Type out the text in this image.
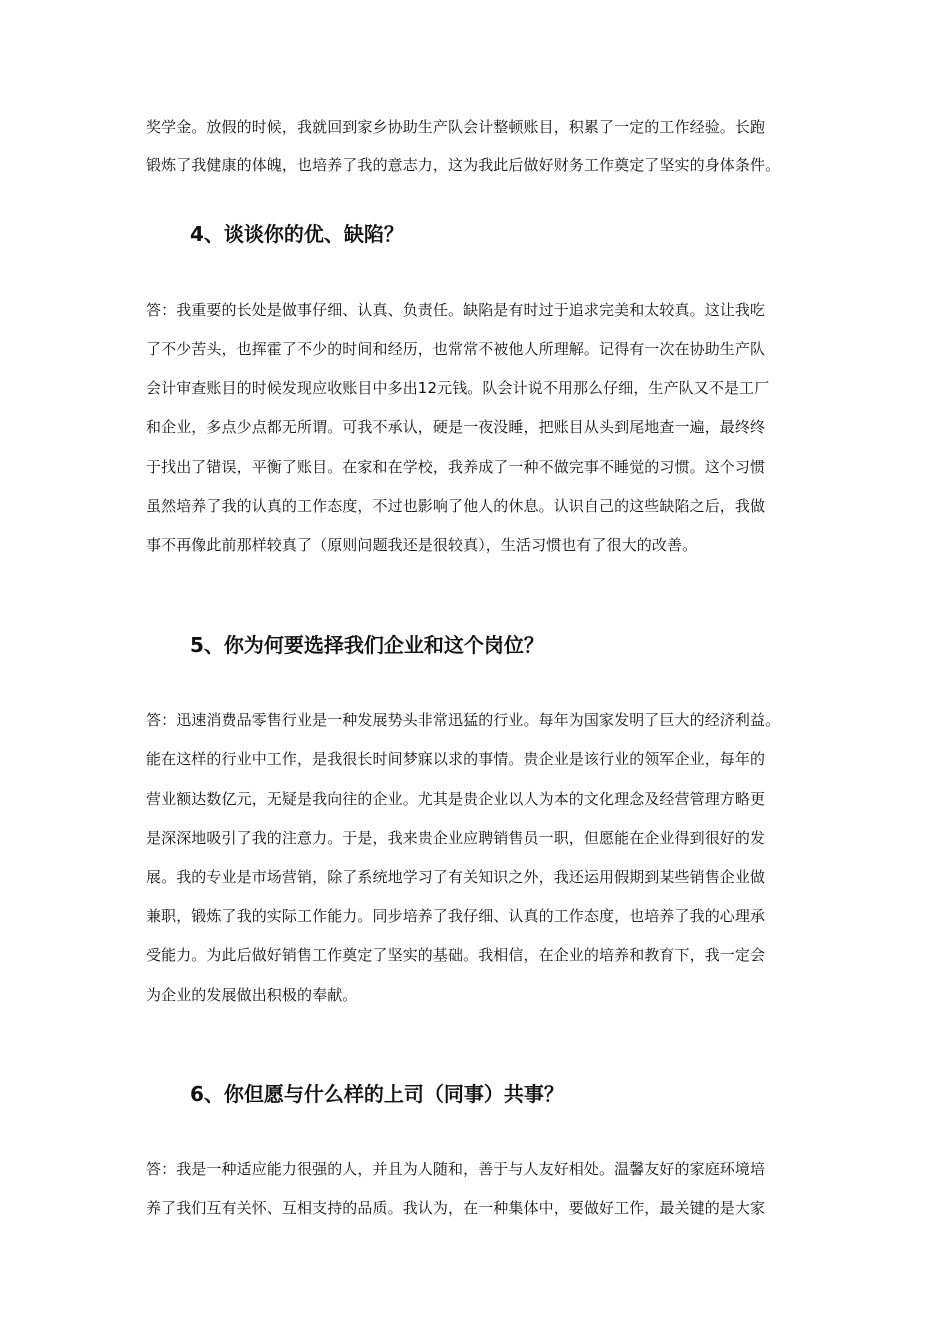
奖学金。放假的时候，我就回到家乡协助生产队会计整顿账目，积累了一定的工作经验。长跑
锻炼了我健康的体魄，也培养了我的意志力，这为我此后做好财务工作奠定了坚实的身体条件。
4、谈谈你的优、缺陷？
答：我重要的长处是做事仔细、认真、负责任。缺陷是有时过于追求完美和太较真。这让我吃
了不少苦头，也挥霍了不少的时间和经历，也常常不被他人所理解。记得有一次在协助生产队
会计审查账目的时候发现应收账目中多出12元钱。队会计说不用那么仔细，生产队又不是工厂
和企业，多点少点都无所谓。可我不承认，硬是一夜没睡，把账目从头到尾地查一遍，最终终
于找出了错误，平衡了账目。在家和在学校，我养成了一种不做完事不睡觉的习惯。这个习惯
虽然培养了我的认真的工作态度，不过也影响了他人的休息。认识自己的这些缺陷之后，我做
事不再像此前那样较真了（原则问题我还是很较真），生活习惯也有了很大的改善。
5、你为何要选择我们企业和这个岗位？
答：迅速消费品零售行业是一种发展势头非常迅猛的行业。每年为国家发明了巨大的经济利益。
能在这样的行业中工作，是我很长时间梦寐以求的事情。贵企业是该行业的领军企业，每年的
营业额达数亿元，无疑是我向往的企业。尤其是贵企业以人为本的文化理念及经营管理方略更
是深深地吸引了我的注意力。于是，我来贵企业应聘销售员一职，但愿能在企业得到很好的发
展。我的专业是市场营销，除了系统地学习了有关知识之外，我还运用假期到某些销售企业做
兼职，锻炼了我的实际工作能力。同步培养了我仔细、认真的工作态度，也培养了我的心理承
受能力。为此后做好销售工作奠定了坚实的基础。我相信，在企业的培养和教育下，我一定会
为企业的发展做出积极的奉献。
6、你但愿与什么样的上司（同事）共事？
答：我是一种适应能力很强的人，并且为人随和，善于与人友好相处。温馨友好的家庭环境培
养了我们互有关怀、互相支持的品质。我认为，在一种集体中，要做好工作，最关键的是大家
